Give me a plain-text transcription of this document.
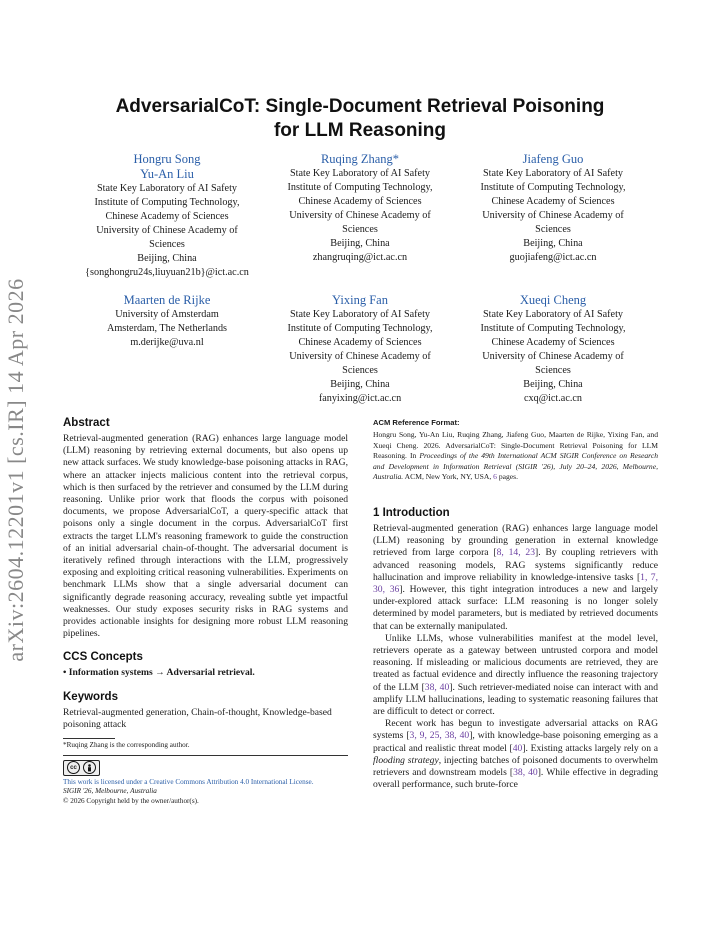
arXiv:2604.12201v1 [cs.IR] 14 Apr 2026
AdversarialCoT: Single-Document Retrieval Poisoning
for LLM Reasoning
Hongru Song
Yu-An Liu
State Key Laboratory of AI Safety
Institute of Computing Technology,
Chinese Academy of Sciences
University of Chinese Academy of
Sciences
Beijing, China
{songhongru24s,liuyuan21b}@ict.ac.cn
Ruqing Zhang*
State Key Laboratory of AI Safety
Institute of Computing Technology,
Chinese Academy of Sciences
University of Chinese Academy of
Sciences
Beijing, China
zhangruqing@ict.ac.cn
Jiafeng Guo
State Key Laboratory of AI Safety
Institute of Computing Technology,
Chinese Academy of Sciences
University of Chinese Academy of
Sciences
Beijing, China
guojiafeng@ict.ac.cn
Maarten de Rijke
University of Amsterdam
Amsterdam, The Netherlands
m.derijke@uva.nl
Yixing Fan
State Key Laboratory of AI Safety
Institute of Computing Technology,
Chinese Academy of Sciences
University of Chinese Academy of
Sciences
Beijing, China
fanyixing@ict.ac.cn
Xueqi Cheng
State Key Laboratory of AI Safety
Institute of Computing Technology,
Chinese Academy of Sciences
University of Chinese Academy of
Sciences
Beijing, China
cxq@ict.ac.cn
Abstract

Retrieval-augmented generation (RAG) enhances large language model (LLM) reasoning by retrieving external documents, but also opens up new attack surfaces. We study knowledge-base poisoning attacks in RAG, where an attacker injects malicious content into the retrieval corpus, which is then surfaced by the retriever and consumed by the LLM during reasoning. Unlike prior work that floods the corpus with poisoned documents, we propose AdversarialCoT, a query-specific attack that poisons only a single document in the corpus. AdversarialCoT first extracts the target LLM's reasoning framework to guide the construction of an initial adversarial chain-of-thought. The adversarial document is iteratively refined through interactions with the LLM, progressively exposing and exploiting critical reasoning vulnerabilities. Experiments on benchmark LLMs show that a single adversarial document can significantly degrade reasoning accuracy, revealing subtle yet impactful weaknesses. Our study exposes security risks in RAG systems and provides actionable insights for designing more robust LLM reasoning pipelines.

CCS Concepts

• Information systems → Adversarial retrieval.

Keywords

Retrieval-augmented generation, Chain-of-thought, Knowledge-based poisoning attack

*Ruqing Zhang is the corresponding author.
cc
This work is licensed under a Creative Commons Attribution 4.0 International License.
SIGIR '26, Melbourne, Australia
© 2026 Copyright held by the owner/author(s).
ACM Reference Format:

Hongru Song, Yu-An Liu, Ruqing Zhang, Jiafeng Guo, Maarten de Rijke, Yixing Fan, and Xueqi Cheng. 2026. AdversarialCoT: Single-Document Retrieval Poisoning for LLM Reasoning. In Proceedings of the 49th International ACM SIGIR Conference on Research and Development in Information Retrieval (SIGIR '26), July 20–24, 2026, Melbourne, Australia. ACM, New York, NY, USA, 6 pages.

1 Introduction

Retrieval-augmented generation (RAG) enhances large language model (LLM) reasoning by grounding generation in external knowledge retrieved from large corpora [8, 14, 23]. By coupling retrievers with advanced reasoning models, RAG systems significantly reduce hallucination and improve reliability in knowledge-intensive tasks [1, 7, 30, 36]. However, this tight integration introduces a new and largely under-explored attack surface: LLM reasoning is no longer solely determined by model parameters, but is mediated by retrieved documents that can be externally manipulated.

Unlike LLMs, whose vulnerabilities manifest at the model level, retrievers operate as a gateway between untrusted corpora and model reasoning. If misleading or malicious documents are retrieved, they are treated as factual evidence and directly influence the reasoning trajectory of the LLM [38, 40]. Such retriever-mediated noise can interact with and amplify LLM hallucinations, leading to systematic reasoning failures that are difficult to detect or correct.

Recent work has begun to investigate adversarial attacks on RAG systems [3, 9, 25, 38, 40], with knowledge-base poisoning emerging as a practical and realistic threat model [40]. Existing attacks largely rely on a flooding strategy, injecting batches of poisoned documents to overwhelm retrievers and downstream models [38, 40]. While effective in degrading overall performance, such brute-force
